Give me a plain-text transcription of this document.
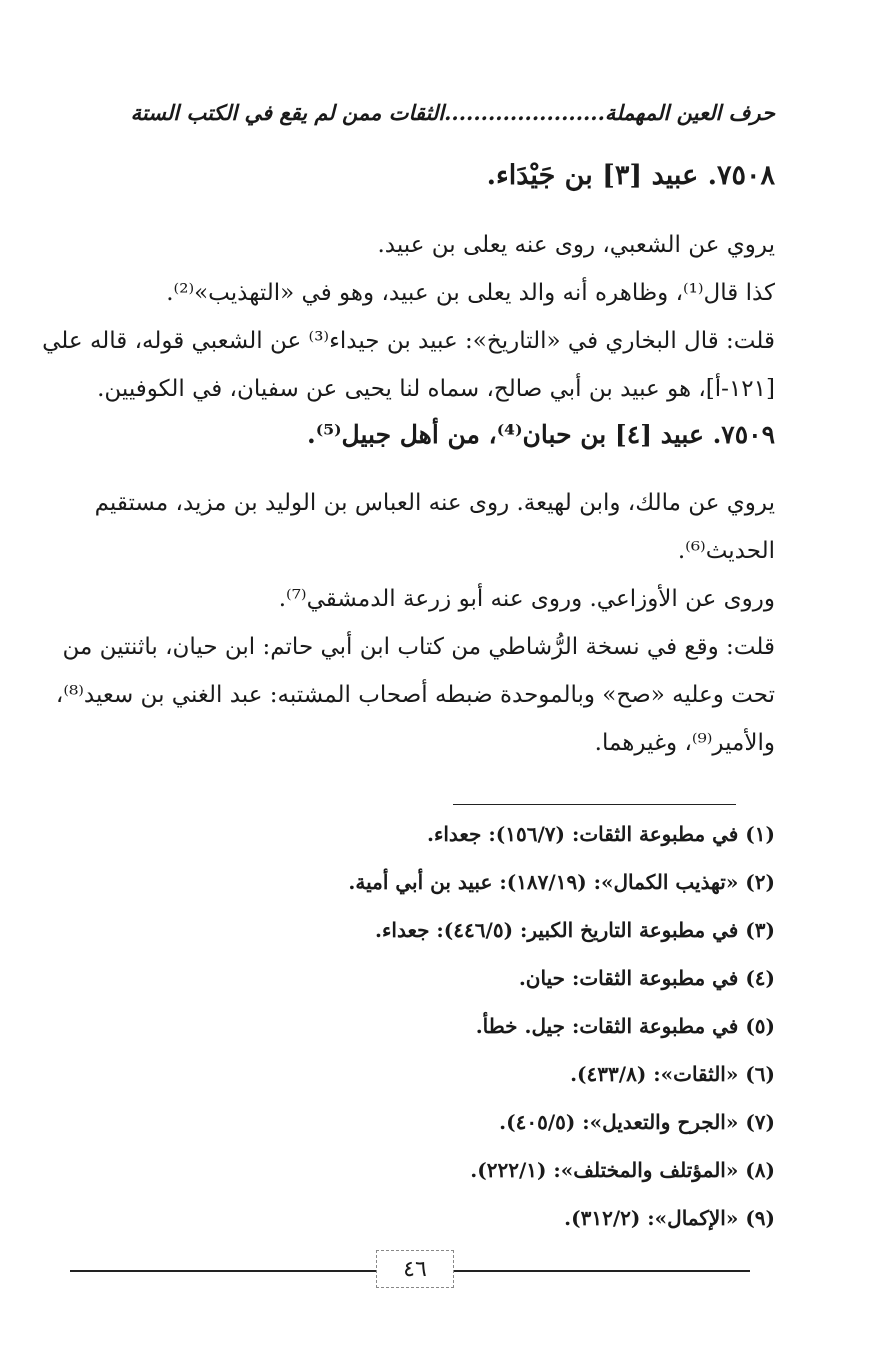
حرف العين المهملة......................الثقات ممن لم يقع في الكتب الستة
٧٥٠٨. عبيد [٣] بن جَيْدَاء.
يروي عن الشعبي، روى عنه يعلى بن عبيد.
كذا قال⁽¹⁾، وظاهره أنه والد يعلى بن عبيد، وهو في «التهذيب»⁽²⁾.
قلت: قال البخاري في «التاريخ»: عبيد بن جيداء⁽³⁾ عن الشعبي قوله، قاله علي
[١٢١-أ]، هو عبيد بن أبي صالح، سماه لنا يحيى عن سفيان، في الكوفيين.
٧٥٠٩. عبيد [٤] بن حبان⁽⁴⁾، من أهل جبيل⁽⁵⁾.
يروي عن مالك، وابن لهيعة. روى عنه العباس بن الوليد بن مزيد، مستقيم
الحديث⁽⁶⁾.
وروى عن الأوزاعي. وروى عنه أبو زرعة الدمشقي⁽⁷⁾.
قلت: وقع في نسخة الرُّشاطي من كتاب ابن أبي حاتم: ابن حيان، باثنتين من
تحت وعليه «صح» وبالموحدة ضبطه أصحاب المشتبه: عبد الغني بن سعيد⁽⁸⁾،
والأمير⁽⁹⁾، وغيرهما.
(١) في مطبوعة الثقات: (١٥٦/٧): جعداء.
(٢) «تهذيب الكمال»: (١٨٧/١٩): عبيد بن أبي أمية.
(٣) في مطبوعة التاريخ الكبير: (٤٤٦/٥): جعداء.
(٤) في مطبوعة الثقات: حيان.
(٥) في مطبوعة الثقات: جيل. خطأ.
(٦) «الثقات»: (٤٣٣/٨).
(٧) «الجرح والتعديل»: (٤٠٥/٥).
(٨) «المؤتلف والمختلف»: (٢٢٢/١).
(٩) «الإكمال»: (٣١٢/٢).
٤٦
